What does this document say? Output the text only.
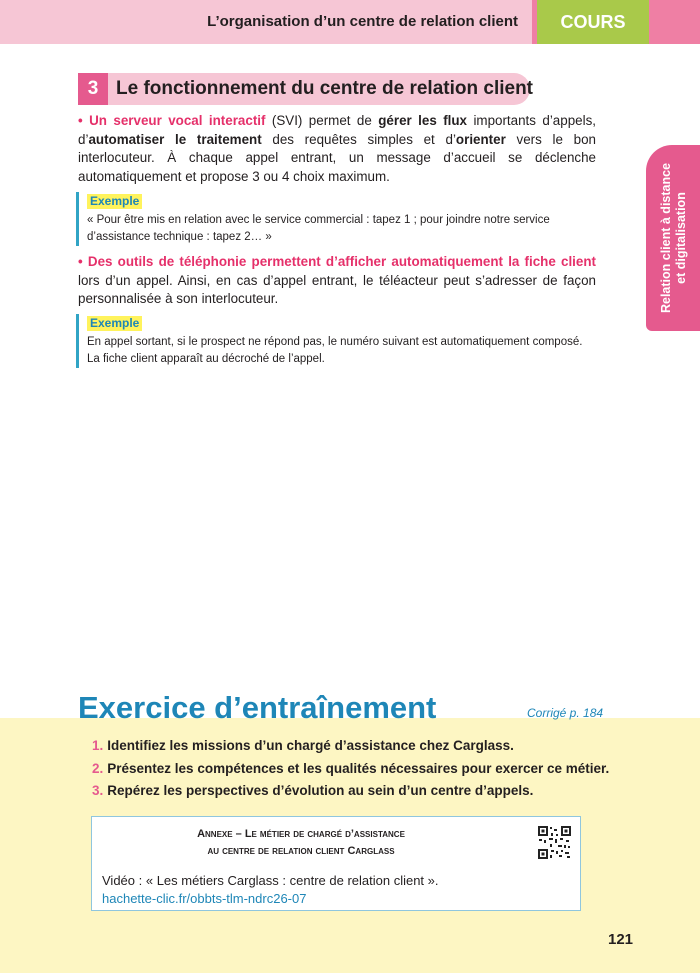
L’organisation d’un centre de relation client	COURS
Relation client à distance et digitalisation
3 Le fonctionnement du centre de relation client
• Un serveur vocal interactif (SVI) permet de gérer les flux importants d’appels, d’automatiser le traitement des requêtes simples et d’orienter vers le bon interlocuteur. À chaque appel entrant, un message d’accueil se déclenche automatiquement et propose 3 ou 4 choix maximum.
Exemple
« Pour être mis en relation avec le service commercial : tapez 1 ; pour joindre notre service d’assistance technique : tapez 2… »
• Des outils de téléphonie permettent d’afficher automatiquement la fiche client lors d’un appel. Ainsi, en cas d’appel entrant, le téléacteur peut s’adresser de façon personnalisée à son interlocuteur.
Exemple
En appel sortant, si le prospect ne répond pas, le numéro suivant est automatiquement composé. La fiche client apparaît au décroché de l’appel.
Exercice d’entraînement	Corrigé p. 184
1. Identifiez les missions d’un chargé d’assistance chez Carglass.
2. Présentez les compétences et les qualités nécessaires pour exercer ce métier.
3. Repérez les perspectives d’évolution au sein d’un centre d’appels.
Annexe – Le métier de chargé d’assistance
au centre de relation client Carglass
Vidéo : « Les métiers Carglass : centre de relation client ».
hachette-clic.fr/obbts-tlm-ndrc26-07
121
